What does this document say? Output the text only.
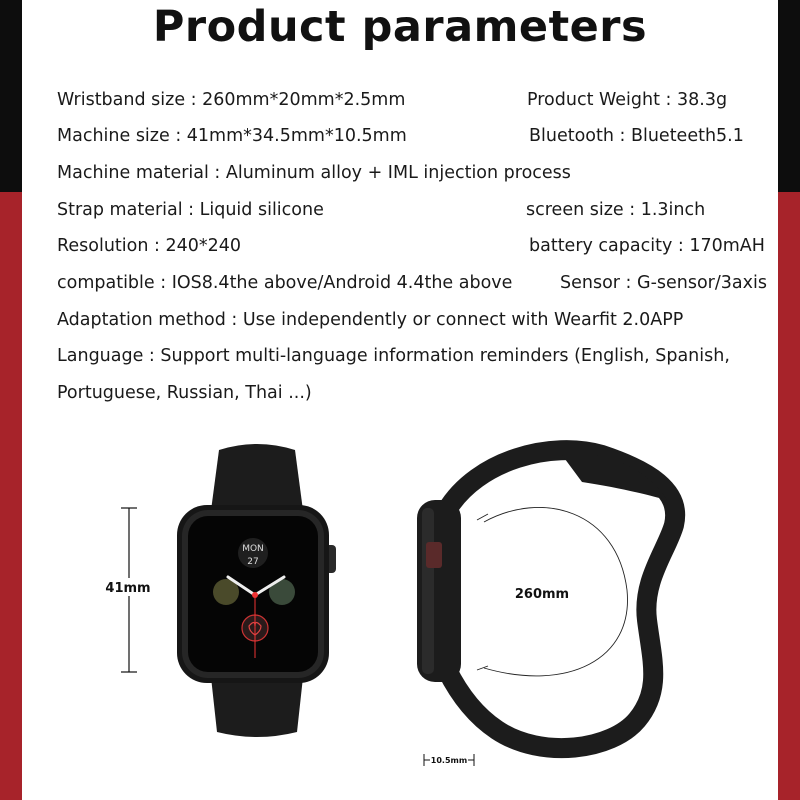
Product parameters
Wristband size : 260mm*20mm*2.5mm	Product Weight : 38.3g
Machine size : 41mm*34.5mm*10.5mm	Bluetooth : Blueteeth5.1
Machine material : Aluminum alloy + IML injection process
Strap material : Liquid silicone	screen size : 1.3inch
Resolution : 240*240	battery capacity : 170mAH
compatible : IOS8.4the above/Android 4.4the above	Sensor : G-sensor/3axis
Adaptation method : Use independently or connect with Wearfit 2.0APP
Language : Support multi-language information reminders (English, Spanish,
Portuguese, Russian, Thai ...)
41mm
MON
27
260mm
10.5mm
